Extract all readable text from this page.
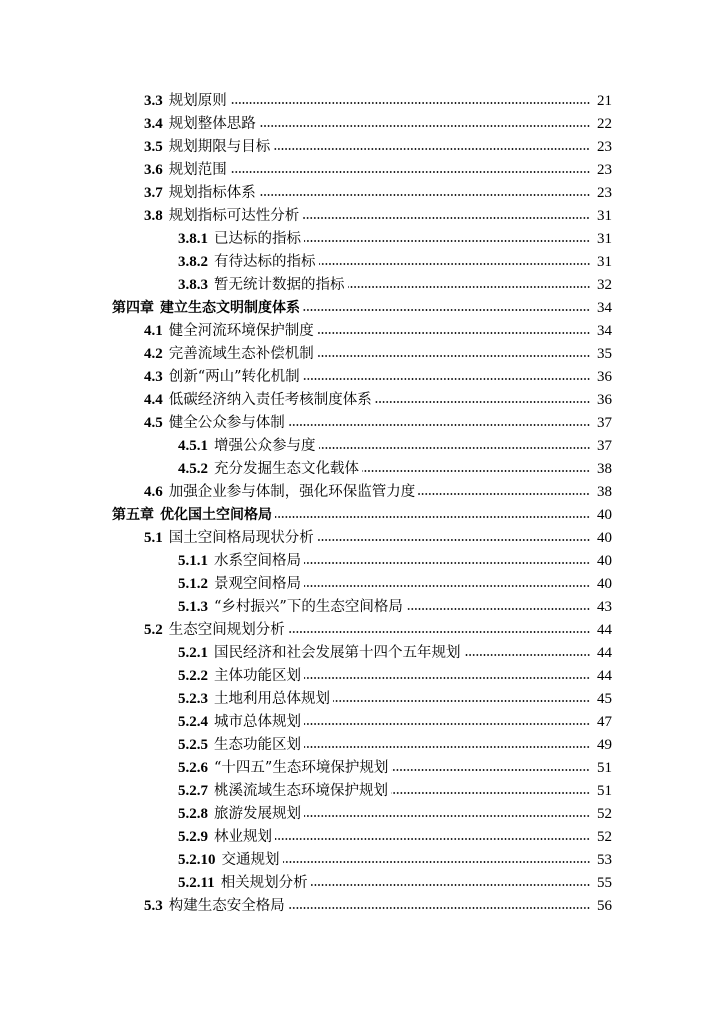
3.3 规划原则	21
3.4 规划整体思路	22
3.5 规划期限与目标	23
3.6 规划范围	23
3.7 规划指标体系	23
3.8 规划指标可达性分析	31
3.8.1 已达标的指标	31
3.8.2 有待达标的指标	31
3.8.3 暂无统计数据的指标	32
第四章 建立生态文明制度体系	34
4.1 健全河流环境保护制度	34
4.2 完善流域生态补偿机制	35
4.3 创新“两山”转化机制	36
4.4 低碳经济纳入责任考核制度体系	36
4.5 健全公众参与体制	37
4.5.1 增强公众参与度	37
4.5.2 充分发掘生态文化载体	38
4.6 加强企业参与体制，强化环保监管力度	38
第五章 优化国土空间格局	40
5.1 国土空间格局现状分析	40
5.1.1 水系空间格局	40
5.1.2 景观空间格局	40
5.1.3 “乡村振兴”下的生态空间格局	43
5.2 生态空间规划分析	44
5.2.1 国民经济和社会发展第十四个五年规划	44
5.2.2 主体功能区划	44
5.2.3 土地利用总体规划	45
5.2.4 城市总体规划	47
5.2.5 生态功能区划	49
5.2.6 “十四五”生态环境保护规划	51
5.2.7 桃溪流域生态环境保护规划	51
5.2.8 旅游发展规划	52
5.2.9 林业规划	52
5.2.10 交通规划	53
5.2.11 相关规划分析	55
5.3 构建生态安全格局	56
